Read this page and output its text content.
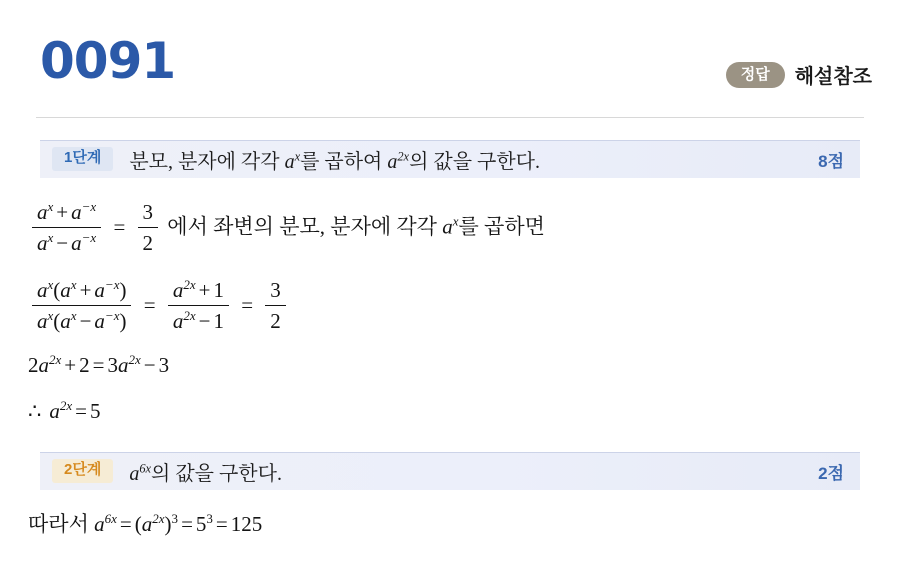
0091	정답	해설참조
1단계	분모, 분자에 각각 $a^x$를 곱하여 $a^{2x}$의 값을 구한다.	8점
$\frac{a^x + a^{-x}}{a^x - a^{-x}} = \frac{3}{2}$ 에서 좌변의 분모, 분자에 각각 $a^x$를 곱하면
$\frac{a^x(a^x + a^{-x})}{a^x(a^x - a^{-x})} = \frac{a^{2x} + 1}{a^{2x} - 1} = \frac{3}{2}$
$2a^{2x} + 2 = 3a^{2x} - 3$
∴ $a^{2x} = 5$
2단계	$a^{6x}$의 값을 구한다.	2점
따라서 $a^{6x} = (a^{2x})^3 = 5^3 = 125$
